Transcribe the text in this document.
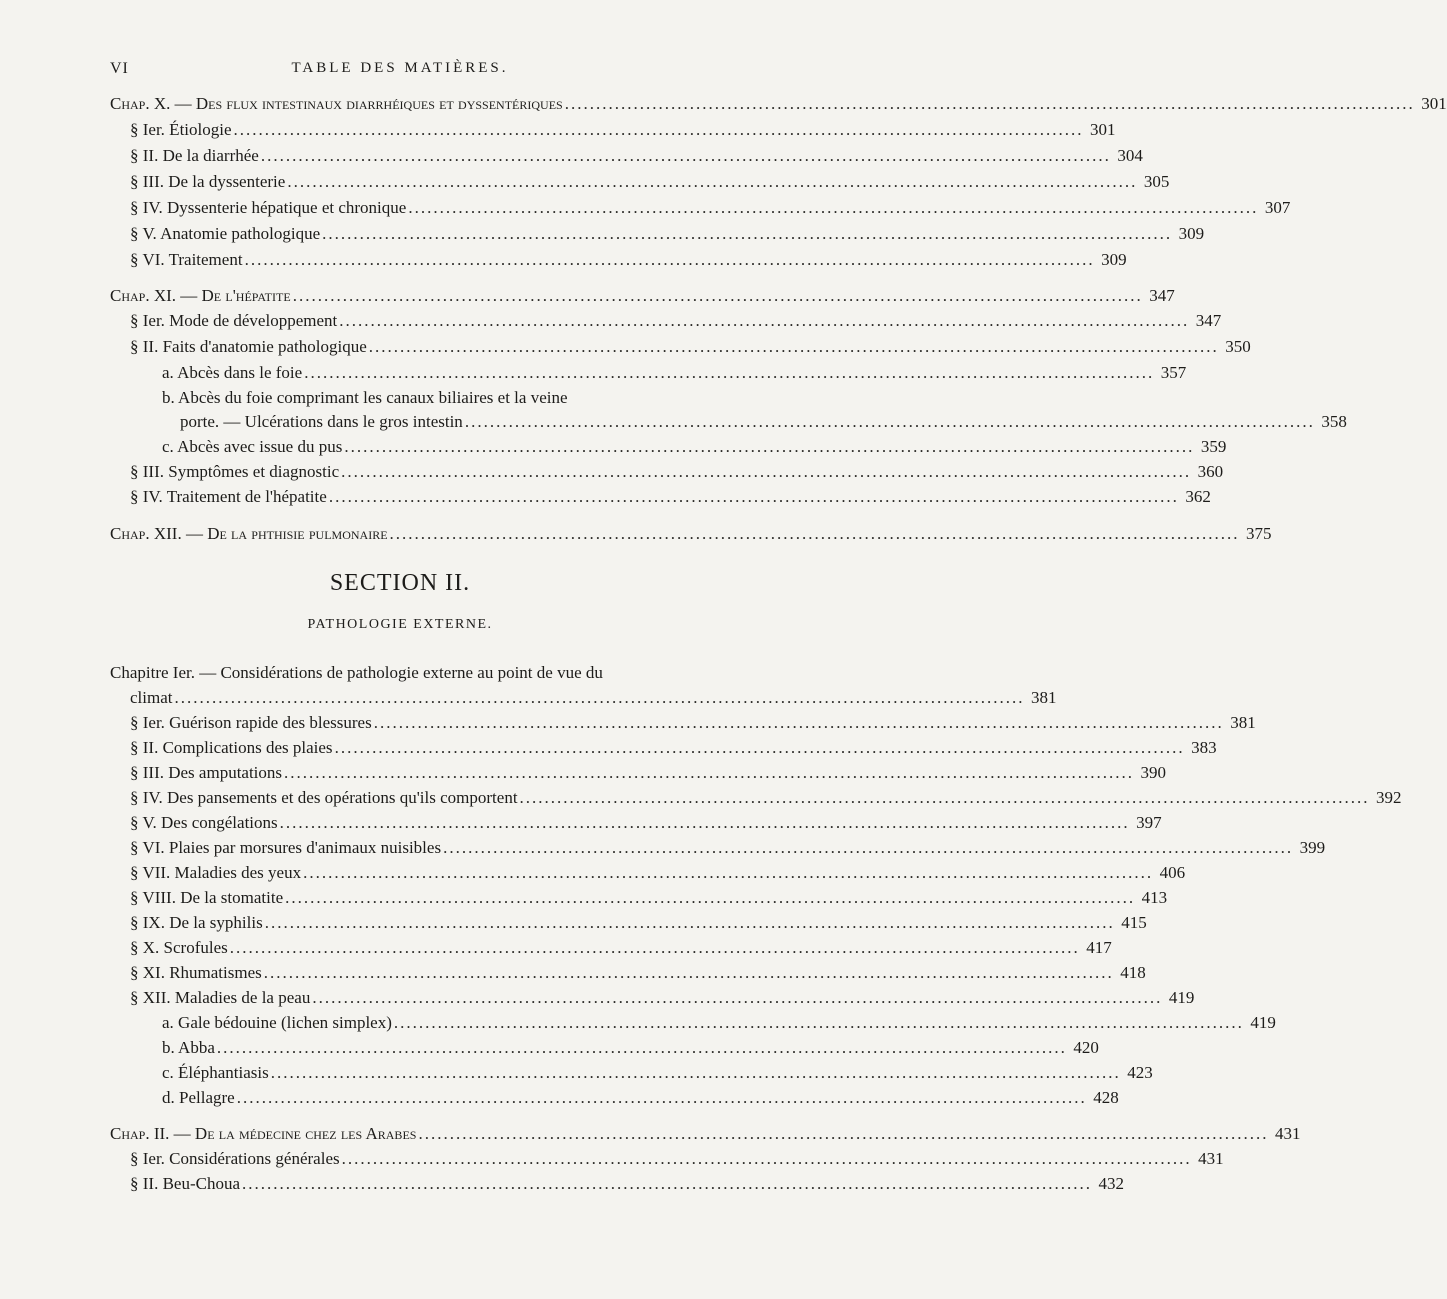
VI	TABLE DES MATIÈRES.
Chap. X. — Des flux intestinaux diarrhéiques et dyssentériques ........................................................................................................................................ 301
§ Ier. Étiologie ........................................................................................................................................ 301
§ II. De la diarrhée ........................................................................................................................................ 304
§ III. De la dyssenterie ........................................................................................................................................ 305
§ IV. Dyssenterie hépatique et chronique ........................................................................................................................................ 307
§ V. Anatomie pathologique ........................................................................................................................................ 309
§ VI. Traitement ........................................................................................................................................ 309
Chap. XI. — De l'hépatite ........................................................................................................................................ 347
§ Ier. Mode de développement ........................................................................................................................................ 347
§ II. Faits d'anatomie pathologique ........................................................................................................................................ 350
a. Abcès dans le foie ........................................................................................................................................ 357
b. Abcès du foie comprimant les canaux biliaires et la veine
porte. — Ulcérations dans le gros intestin ........................................................................................................................................ 358
c. Abcès avec issue du pus ........................................................................................................................................ 359
§ III. Symptômes et diagnostic ........................................................................................................................................ 360
§ IV. Traitement de l'hépatite ........................................................................................................................................ 362
Chap. XII. — De la phthisie pulmonaire ........................................................................................................................................ 375
SECTION II.
PATHOLOGIE EXTERNE.
Chapitre Ier. — Considérations de pathologie externe au point de vue du
climat ........................................................................................................................................ 381
§ Ier. Guérison rapide des blessures ........................................................................................................................................ 381
§ II. Complications des plaies ........................................................................................................................................ 383
§ III. Des amputations ........................................................................................................................................ 390
§ IV. Des pansements et des opérations qu'ils comportent ........................................................................................................................................ 392
§ V. Des congélations ........................................................................................................................................ 397
§ VI. Plaies par morsures d'animaux nuisibles ........................................................................................................................................ 399
§ VII. Maladies des yeux ........................................................................................................................................ 406
§ VIII. De la stomatite ........................................................................................................................................ 413
§ IX. De la syphilis ........................................................................................................................................ 415
§ X. Scrofules ........................................................................................................................................ 417
§ XI. Rhumatismes ........................................................................................................................................ 418
§ XII. Maladies de la peau ........................................................................................................................................ 419
a. Gale bédouine (lichen simplex) ........................................................................................................................................ 419
b. Abba ........................................................................................................................................ 420
c. Éléphantiasis ........................................................................................................................................ 423
d. Pellagre ........................................................................................................................................ 428
Chap. II. — De la médecine chez les Arabes ........................................................................................................................................ 431
§ Ier. Considérations générales ........................................................................................................................................ 431
§ II. Beu-Choua ........................................................................................................................................ 432
